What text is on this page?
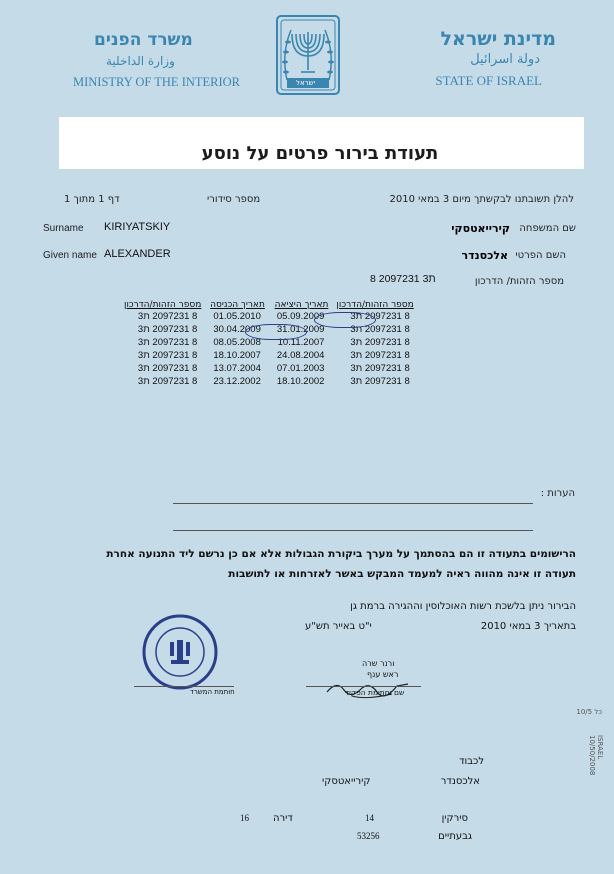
מדינת ישראל
دولة اسرائيل
STATE OF ISRAEL
משרד הפנים
وزارة الداخلية
MINISTRY OF THE INTERIOR	ישראל
תעודת בירור פרטים על נוסע
להלן תשובתנו לבקשתך מיום 3 במאי 2010
מספר סידורי
דף 1 מתוך 1
שם המשפחה
קירייאטסקי
Surname KIRIYATSKIY
השם הפרטי
אלכסנדר
Given name ALEXANDER
מספר הזהות/ הדרכון
8 2097231 ת3
מספר הזהות/הדרכון	תאריך היציאה	תאריך הכניסה	מספר הזהות/הדרכון
8 2097231 ת3	05.09.2009	01.05.2010	8 2097231 ת3
8 2097231 ת3	31.01.2009	30.04.2009	8 2097231 ת3
8 2097231 ת3	10.11.2007	08.05.2008	8 2097231 ת3
8 2097231 ת3	24.08.2004	18.10.2007	8 2097231 ת3
8 2097231 ת3	07.01.2003	13.07.2004	8 2097231 ת3
8 2097231 ת3	18.10.2002	23.12.2002	8 2097231 ת3
הערות :
הרישומים בתעודה זו הם בהסתמך על מערך ביקורת הגבולות אלא אם כן נרשם ליד התנועה אחרת
תעודה זו אינה מהווה ראיה למעמד המבקש באשר לאזרחות או לתושבות
הבירור ניתן בלשכת רשות האוכלוסין וההגירה ברמת גן
בתאריך 3 במאי 2010
י"ט באייר תש"ע
ורנר שרה
ראש ענף
שם וחתימת הפקיד
חותמת המשרד
כל 10/5
ISRAEL 10/50/2008
לכבוד
אלכסנדר
קירייאטסקי
סירקין
14
דירה
16
גבעתיים
53256
